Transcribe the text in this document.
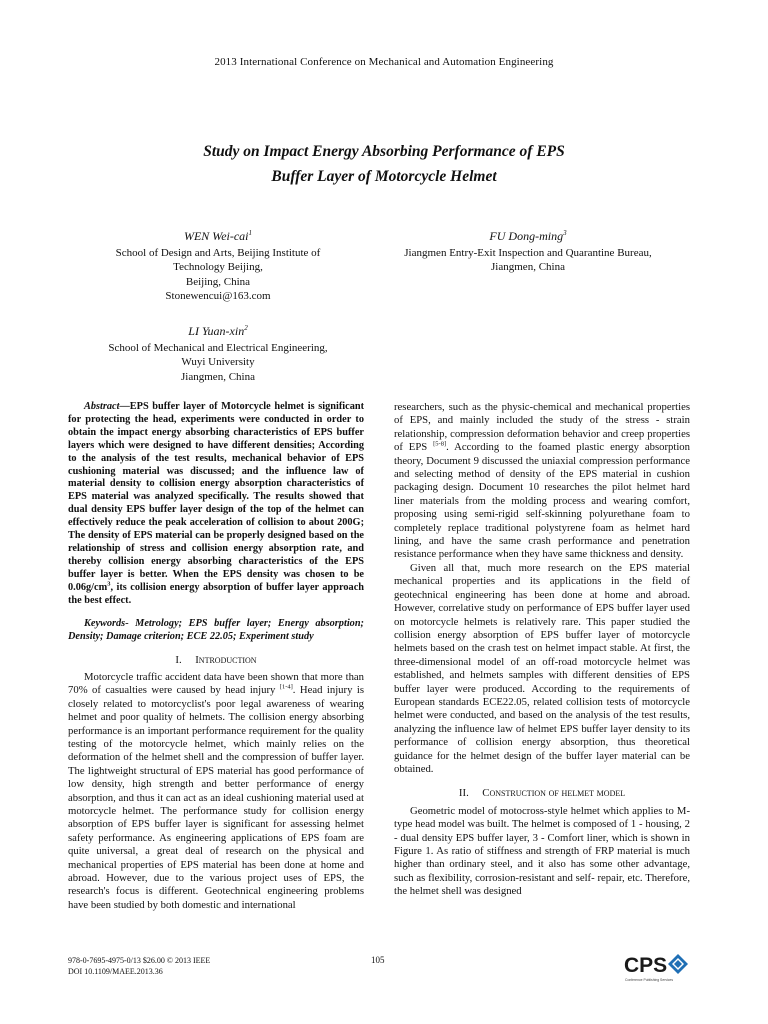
2013 International Conference on Mechanical and Automation Engineering
Study on Impact Energy Absorbing Performance of EPS
Buffer Layer of Motorcycle Helmet
WEN Wei-cai$^1$
School of Design and Arts, Beijing Institute of
Technology Beijing,
Beijing, China
Stonewencui@163.com
FU Dong-ming$^3$
Jiangmen Entry-Exit Inspection and Quarantine Bureau,
Jiangmen, China
LI Yuan-xin$^2$
School of Mechanical and Electrical Engineering,
Wuyi University
Jiangmen, China

Abstract—EPS buffer layer of Motorcycle helmet is significant for protecting the head, experiments were conducted in order to obtain the impact energy absorbing characteristics of EPS buffer layers which were designed to have different densities; According to the analysis of the test results, mechanical behavior of EPS cushioning material was discussed; and the influence law of material density to collision energy absorption characteristics of EPS material was analyzed specifically. The results showed that dual density EPS buffer layer design of the top of the helmet can effectively reduce the peak acceleration of collision to about 200G; The density of EPS material can be properly designed based on the relationship of stress and collision energy absorption rate, and thereby collision energy absorbing characteristics of the EPS buffer layer is better. When the EPS density was chosen to be $0.06g/cm^3$, its collision energy absorption of buffer layer approach the best effect.

Keywords- Metrology; EPS buffer layer; Energy absorption; Density; Damage criterion; ECE 22.05; Experiment study

I. Introduction

Motorcycle traffic accident data have been shown that more than 70% of casualties were caused by head injury [1-4]. Head injury is closely related to motorcyclist's poor legal awareness of wearing helmet and poor quality of helmets. The collision energy absorbing performance is an important performance requirement for the quality testing of the motorcycle helmet, which mainly relies on the deformation of the helmet shell and the compression of buffer layer. The lightweight structural of EPS material has good performance of low density, high strength and better performance of energy absorption, and thus it can act as an ideal cushioning material used at motorcycle helmet. The performance study for collision energy absorption of EPS buffer layer is significant for assessing helmet safety performance. As engineering applications of EPS foam are quite universal, a great deal of research on the physical and mechanical properties of EPS material has been done at home and abroad. However, due to the various project uses of EPS, the research's focus is different. Geotechnical engineering problems have been studied by both domestic and international

researchers, such as the physic-chemical and mechanical properties of EPS, and mainly included the study of the stress - strain relationship, compression deformation behavior and creep properties of EPS [5-8]. According to the foamed plastic energy absorption theory, Document 9 discussed the uniaxial compression performance and selecting method of density of the EPS material in cushion packaging design. Document 10 researches the pilot helmet hard liner materials from the molding process and wearing comfort, proposing using semi-rigid self-skinning polyurethane foam to completely replace traditional polystyrene foam as helmet hard lining, and have the same crash performance and penetration resistance performance when they have same thickness and density.

Given all that, much more research on the EPS material mechanical properties and its applications in the field of geotechnical engineering has been done at home and abroad. However, correlative study on performance of EPS buffer layer used on motorcycle helmets is relatively rare. This paper studied the collision energy absorption of EPS buffer layer of motorcycle helmets based on the crash test on helmet impact stable. At first, the three-dimensional model of an off-road motorcycle helmet was established, and helmets samples with different densities of EPS buffer layer were produced. According to the requirements of European standards ECE22.05, related collision tests of motorcycle helmet were conducted, and based on the analysis of the test results, analyzing the influence law of helmet EPS buffer layer density to its performance of collision energy absorption, thus theoretical guidance for the helmet design of the buffer layer material can be obtained.

II. Construction of helmet model

Geometric model of motocross-style helmet which applies to M-type head model was built. The helmet is composed of 1 - housing, 2 - dual density EPS buffer layer, 3 - Comfort liner, which is shown in Figure 1. As ratio of stiffness and strength of FRP material is much higher than ordinary steel, and it also has some other advantage, such as flexibility, corrosion-resistant and self- repair, etc. Therefore, the helmet shell was designed

978-0-7695-4975-0/13 $26.00 © 2013 IEEE
DOI 10.1109/MAEE.2013.36
105	CPS
Conference Publishing Services
